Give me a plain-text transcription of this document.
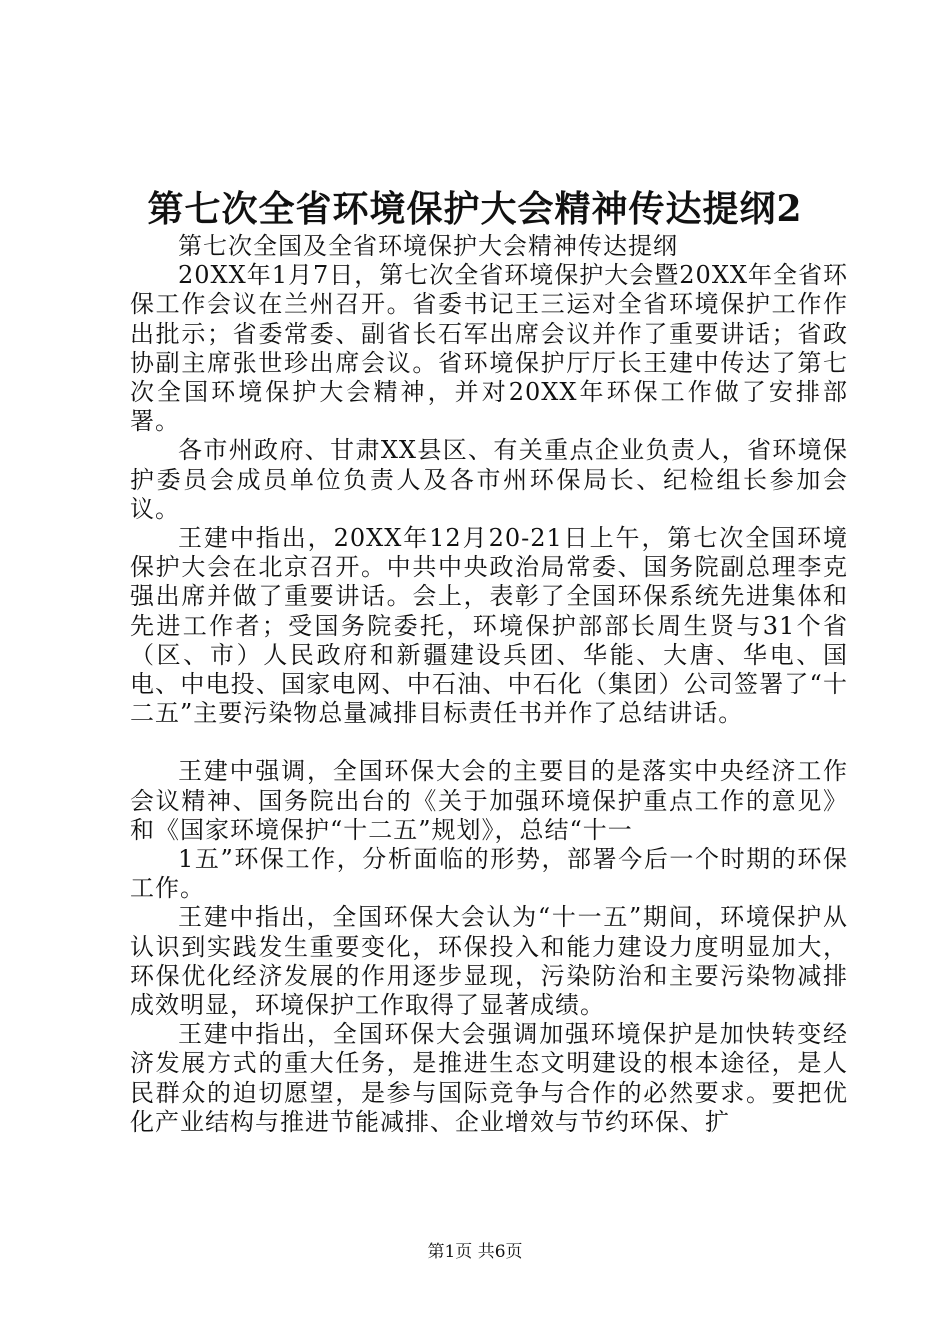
第七次全省环境保护大会精神传达提纲2

第七次全国及全省环境保护大会精神传达提纲

20XX年1月7日，第七次全省环境保护大会暨20XX年全省环保工作会议在兰州召开。省委书记王三运对全省环境保护工作作出批示；省委常委、副省长石军出席会议并作了重要讲话；省政协副主席张世珍出席会议。省环境保护厅厅长王建中传达了第七次全国环境保护大会精神，并对20XX年环保工作做了安排部署。

各市州政府、甘肃XX县区、有关重点企业负责人，省环境保护委员会成员单位负责人及各市州环保局长、纪检组长参加会议。

王建中指出，20XX年12月20-21日上午，第七次全国环境保护大会在北京召开。中共中央政治局常委、国务院副总理李克强出席并做了重要讲话。会上，表彰了全国环保系统先进集体和先进工作者；受国务院委托，环境保护部部长周生贤与31个省（区、市）人民政府和新疆建设兵团、华能、大唐、华电、国电、中电投、国家电网、中石油、中石化（集团）公司签署了“十二五”主要污染物总量减排目标责任书并作了总结讲话。

王建中强调，全国环保大会的主要目的是落实中央经济工作会议精神、国务院出台的《关于加强环境保护重点工作的意见》和《国家环境保护“十二五”规划》，总结“十一

1五”环保工作，分析面临的形势，部署今后一个时期的环保工作。

王建中指出，全国环保大会认为“十一五”期间，环境保护从认识到实践发生重要变化，环保投入和能力建设力度明显加大，环保优化经济发展的作用逐步显现，污染防治和主要污染物减排成效明显，环境保护工作取得了显著成绩。

王建中指出，全国环保大会强调加强环境保护是加快转变经济发展方式的重大任务，是推进生态文明建设的根本途径，是人民群众的迫切愿望，是参与国际竞争与合作的必然要求。要把优化产业结构与推进节能减排、企业增效与节约环保、扩

第1页 共6页
